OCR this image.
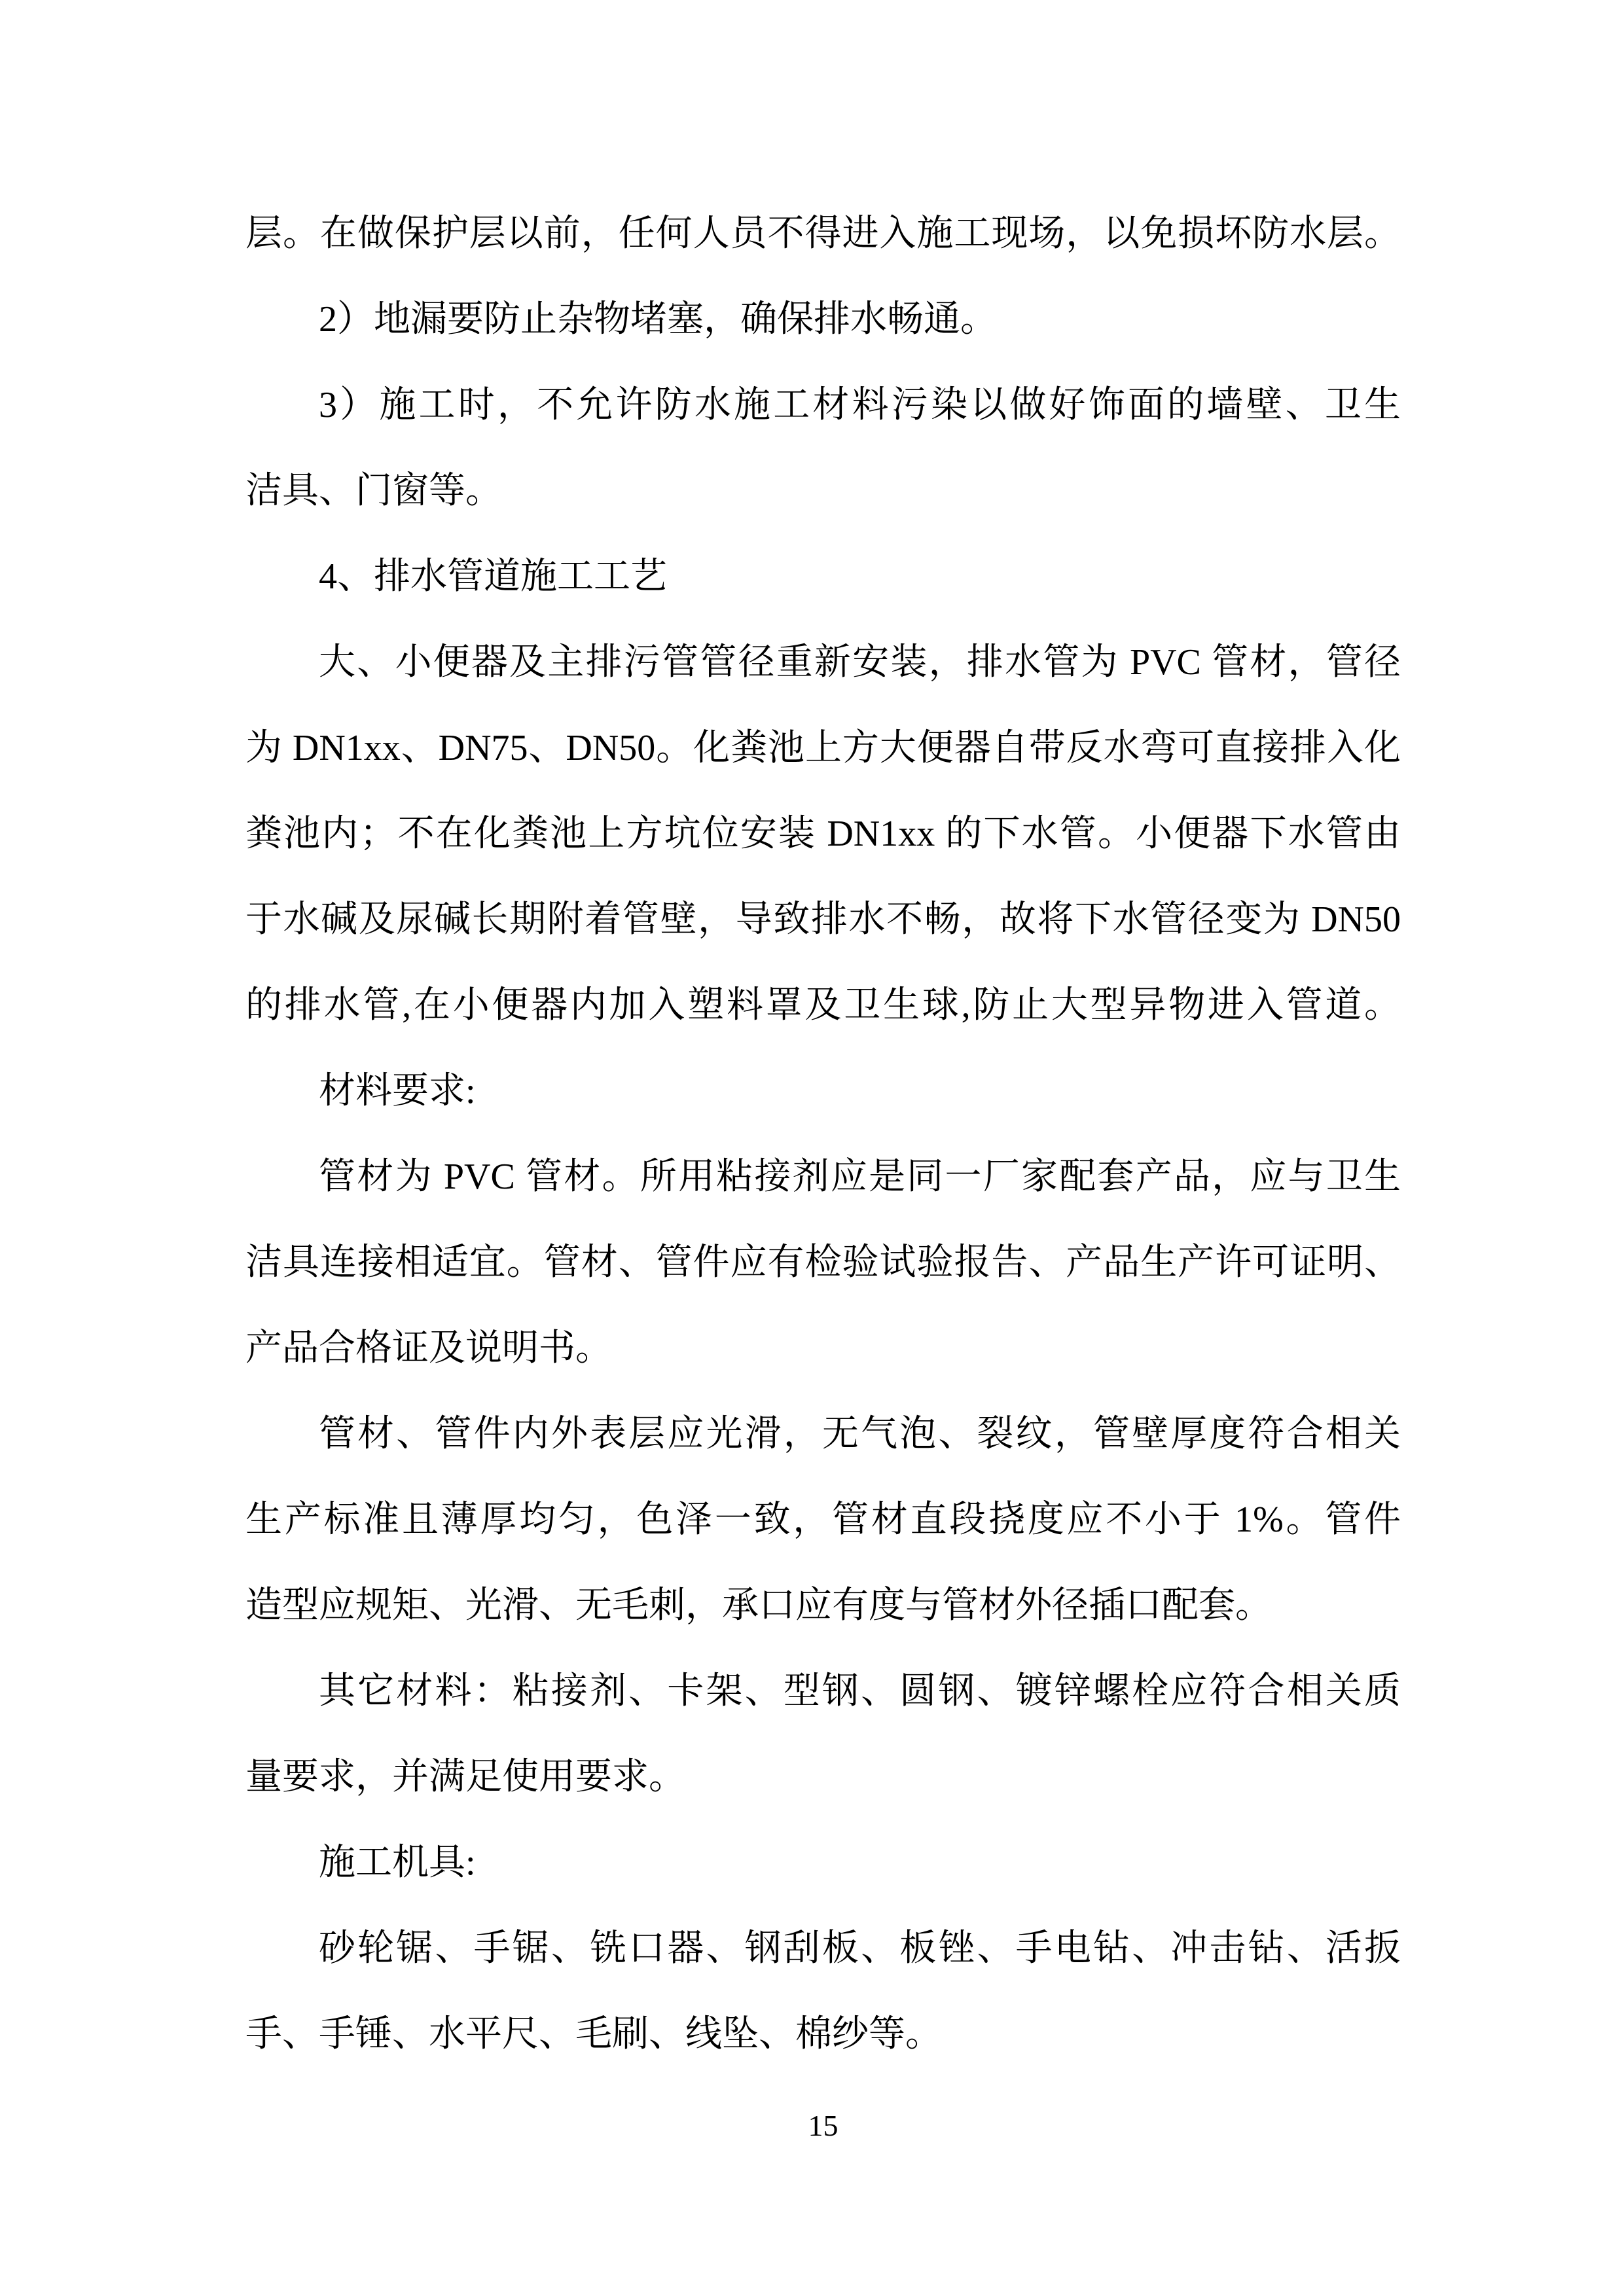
层。在做保护层以前，任何人员不得进入施工现场，以免损坏防水层。
2）地漏要防止杂物堵塞，确保排水畅通。
3）施工时，不允许防水施工材料污染以做好饰面的墙壁、卫生
洁具、门窗等。
4、排水管道施工工艺
大、小便器及主排污管管径重新安装，排水管为 PVC 管材，管径
为 DN1xx、DN75、DN50。化粪池上方大便器自带反水弯可直接排入化
粪池内；不在化粪池上方坑位安装 DN1xx 的下水管。小便器下水管由
于水碱及尿碱长期附着管壁，导致排水不畅，故将下水管径变为 DN50
的排水管,在小便器内加入塑料罩及卫生球,防止大型异物进入管道。
材料要求:
管材为 PVC 管材。所用粘接剂应是同一厂家配套产品，应与卫生
洁具连接相适宜。管材、管件应有检验试验报告、产品生产许可证明、
产品合格证及说明书。
管材、管件内外表层应光滑，无气泡、裂纹，管壁厚度符合相关
生产标准且薄厚均匀，色泽一致，管材直段挠度应不小于 1%。管件
造型应规矩、光滑、无毛刺，承口应有度与管材外径插口配套。
其它材料：粘接剂、卡架、型钢、圆钢、镀锌螺栓应符合相关质
量要求，并满足使用要求。
施工机具:
砂轮锯、手锯、铣口器、钢刮板、板锉、手电钻、冲击钻、活扳
手、手锤、水平尺、毛刷、线坠、棉纱等。
15
